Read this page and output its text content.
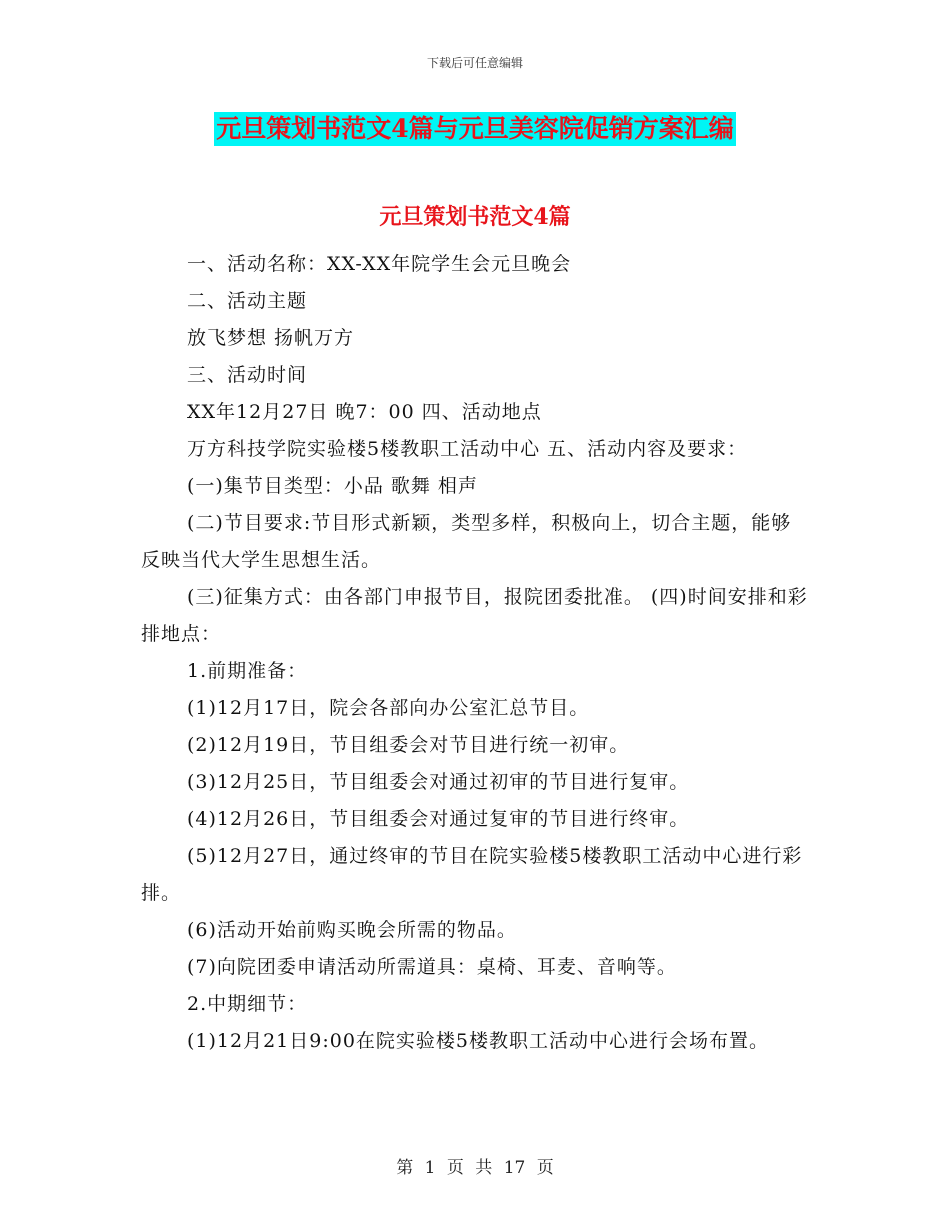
下载后可任意编辑
元旦策划书范文4篇与元旦美容院促销方案汇编
元旦策划书范文4篇

一、活动名称：XX-XX年院学生会元旦晚会

二、活动主题

放飞梦想 扬帆万方

三、活动时间

XX年12月27日 晚7：00 四、活动地点

万方科技学院实验楼5楼教职工活动中心 五、活动内容及要求：

(一)集节目类型：小品 歌舞 相声

(二)节目要求:节目形式新颖，类型多样，积极向上，切合主题，能够反映当代大学生思想生活。

(三)征集方式：由各部门申报节目，报院团委批准。 (四)时间安排和彩排地点：

1.前期准备：

(1)12月17日，院会各部向办公室汇总节目。

(2)12月19日，节目组委会对节目进行统一初审。

(3)12月25日，节目组委会对通过初审的节目进行复审。

(4)12月26日，节目组委会对通过复审的节目进行终审。

(5)12月27日，通过终审的节目在院实验楼5楼教职工活动中心进行彩排。

(6)活动开始前购买晚会所需的物品。

(7)向院团委申请活动所需道具：桌椅、耳麦、音响等。

2.中期细节：

(1)12月21日9:00在院实验楼5楼教职工活动中心进行会场布置。

第 1 页 共 17 页
